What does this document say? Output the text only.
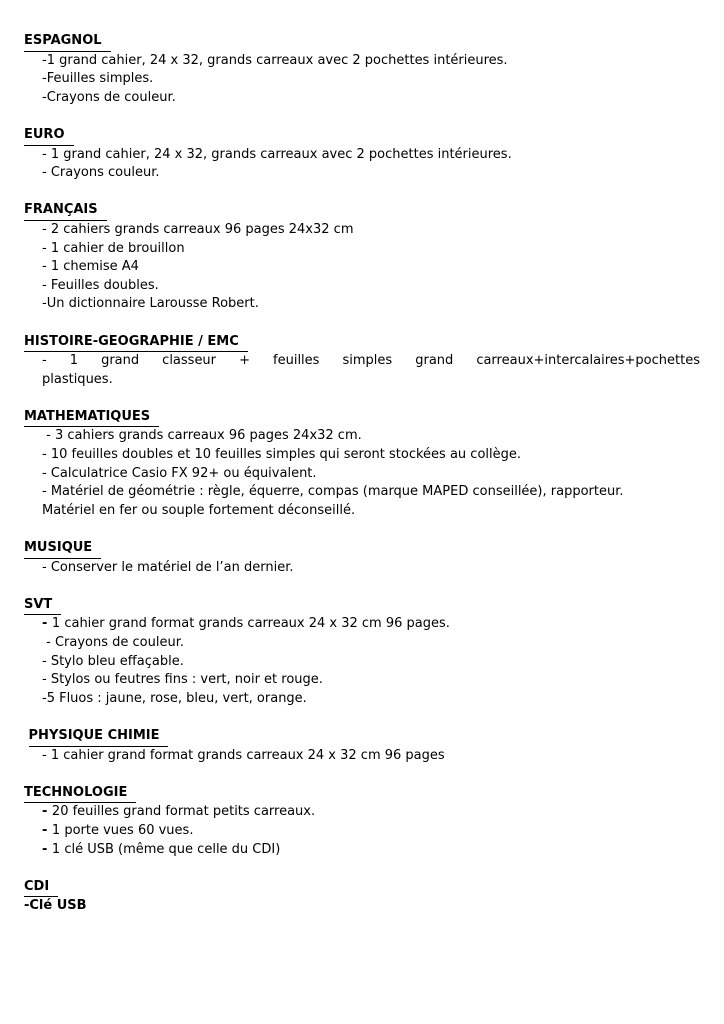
ESPAGNOL
-1 grand cahier, 24 x 32, grands carreaux avec 2 pochettes intérieures.
-Feuilles simples.
-Crayons de couleur.
EURO
- 1 grand cahier, 24 x 32, grands carreaux avec 2 pochettes intérieures.
- Crayons couleur.
FRANÇAIS
- 2 cahiers grands carreaux 96 pages 24x32 cm
- 1 cahier de brouillon
- 1 chemise A4
- Feuilles doubles.
-Un dictionnaire Larousse Robert.
HISTOIRE-GEOGRAPHIE / EMC
- 1 grand classeur + feuilles simples grand carreaux+intercalaires+pochettes
plastiques.
MATHEMATIQUES
- 3 cahiers grands carreaux 96 pages 24x32 cm.
- 10 feuilles doubles et 10 feuilles simples qui seront stockées au collège.
- Calculatrice Casio FX 92+ ou équivalent.
- Matériel de géométrie : règle, équerre, compas (marque MAPED conseillée), rapporteur.
Matériel en fer ou souple fortement déconseillé.
MUSIQUE
- Conserver le matériel de l’an dernier.
SVT
- 1 cahier grand format grands carreaux 24 x 32 cm 96 pages.
- Crayons de couleur.
- Stylo bleu effaçable.
- Stylos ou feutres fins : vert, noir et rouge.
-5 Fluos : jaune, rose, bleu, vert, orange.
PHYSIQUE CHIMIE
- 1 cahier grand format grands carreaux 24 x 32 cm 96 pages
TECHNOLOGIE
- 20 feuilles grand format petits carreaux.
- 1 porte vues 60 vues.
- 1 clé USB (même que celle du CDI)
CDI
-Clé USB
